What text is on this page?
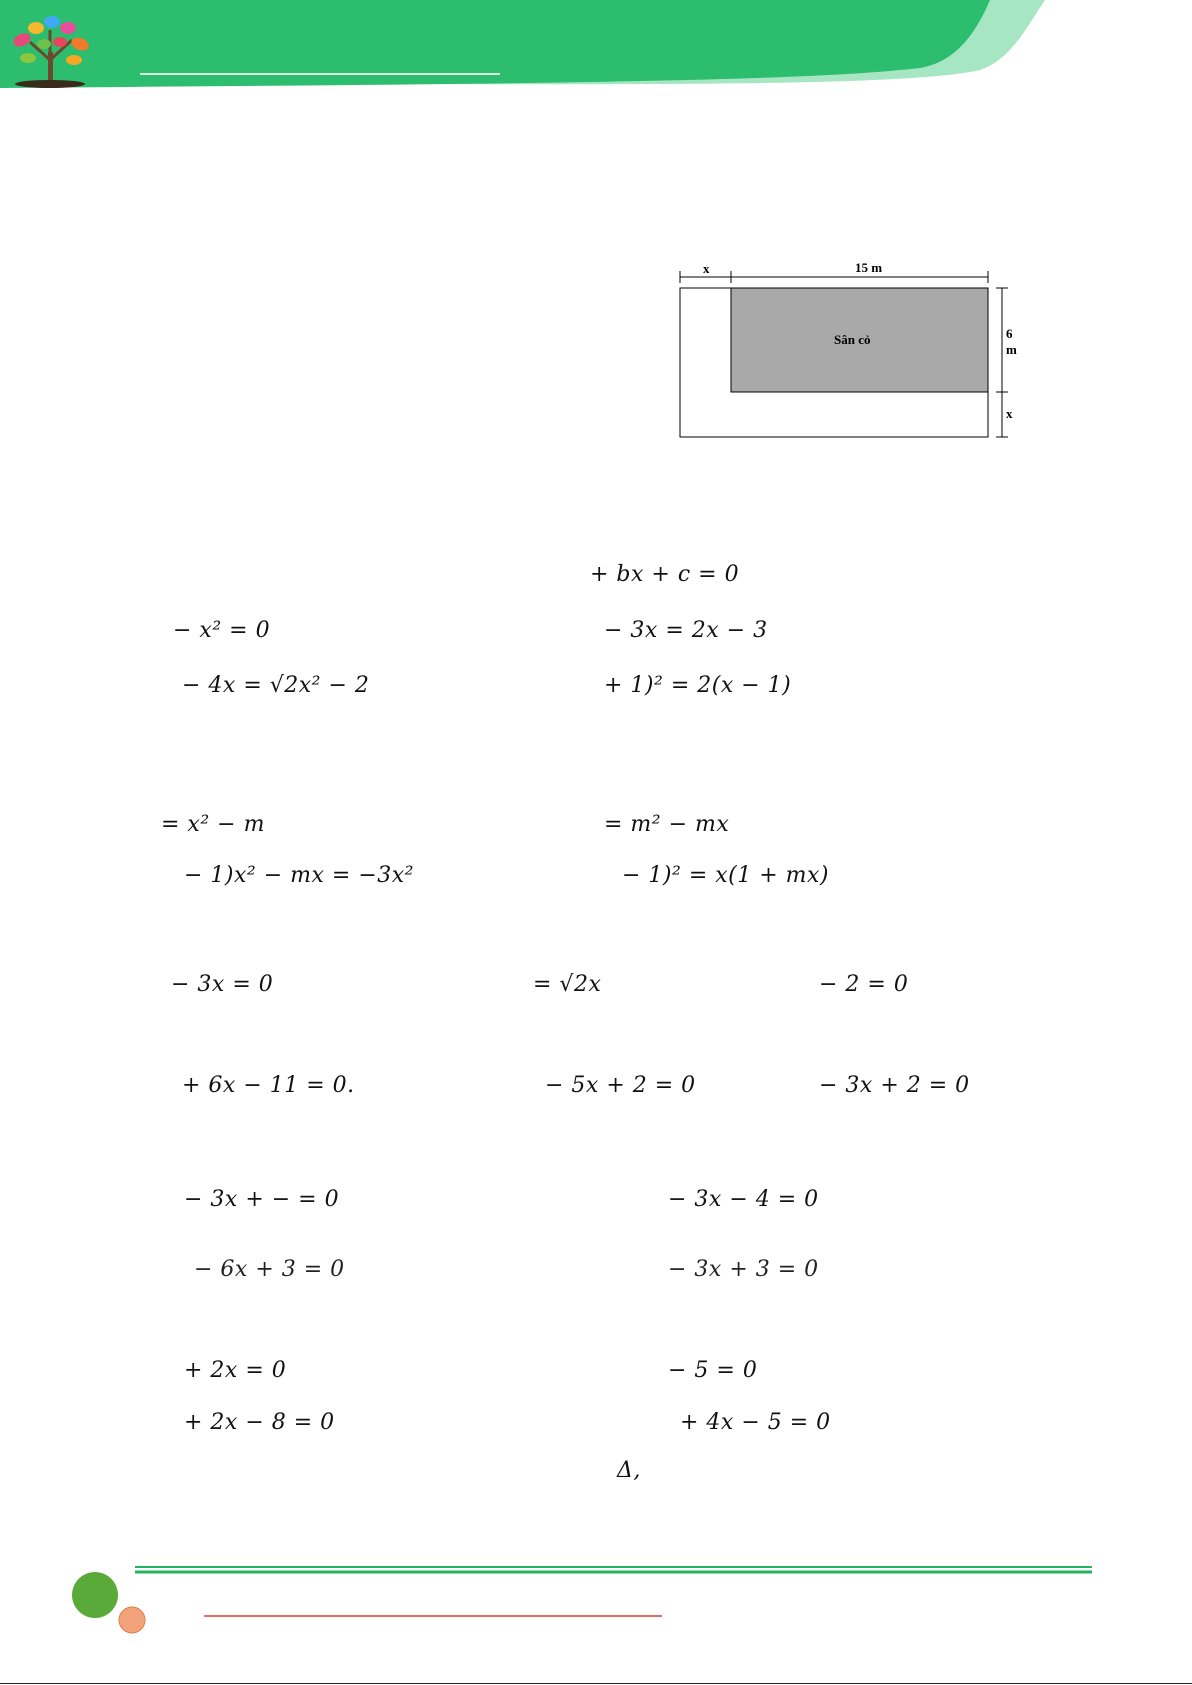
x	15 m
Sân cỏ	6
m
x
+ bx + c = 0
− x² = 0	− 3x = 2x − 3
− 4x = √2x² − 2	+ 1)² = 2(x − 1)
= x² − m	= m² − mx
− 1)x² − mx = −3x²	− 1)² = x(1 + mx)
− 3x = 0	= √2x	− 2 = 0
+ 6x − 11 = 0.	− 5x + 2 = 0	− 3x + 2 = 0
− 3x + − = 0	− 3x − 4 = 0
− 6x + 3 = 0	− 3x + 3 = 0
+ 2x = 0	− 5 = 0
+ 2x − 8 = 0	+ 4x − 5 = 0
Δ,
